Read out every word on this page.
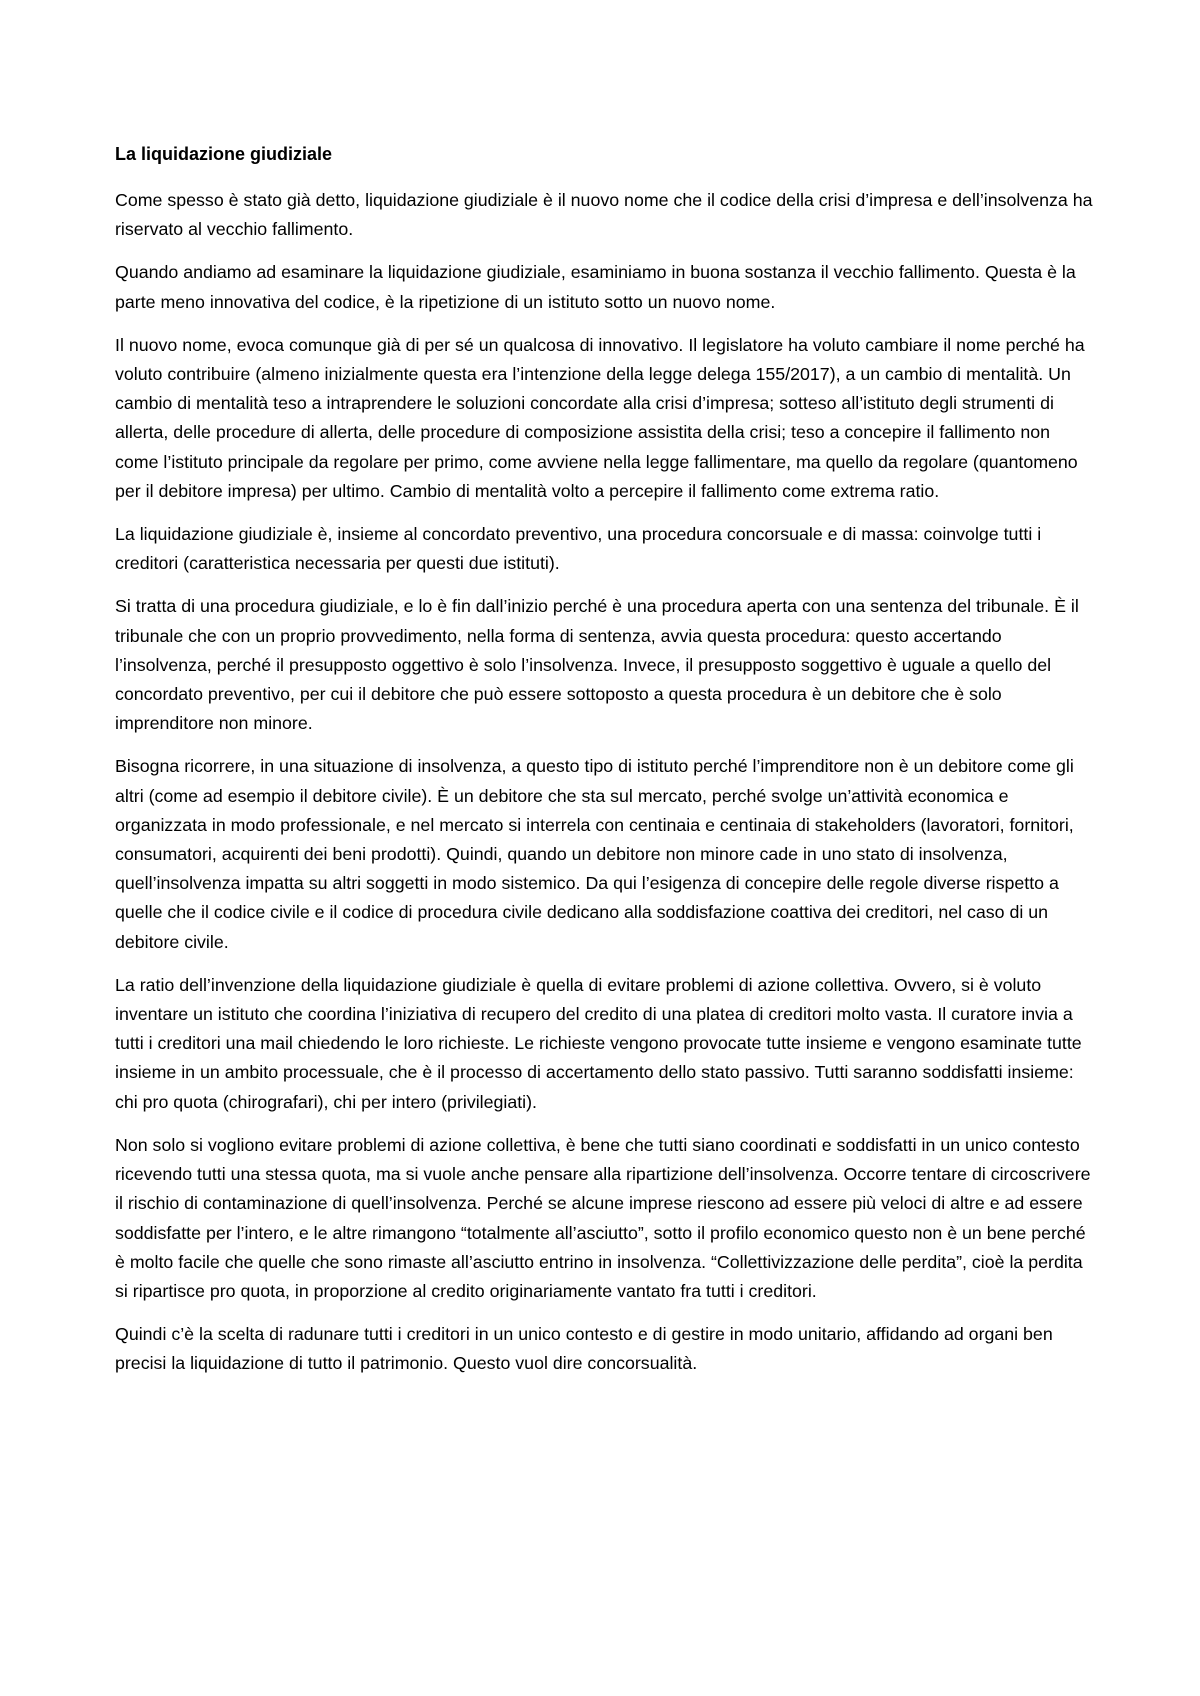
La liquidazione giudiziale

Come spesso è stato già detto, liquidazione giudiziale è il nuovo nome che il codice della crisi d’impresa e dell’insolvenza ha riservato al vecchio fallimento.

Quando andiamo ad esaminare la liquidazione giudiziale, esaminiamo in buona sostanza il vecchio fallimento. Questa è la parte meno innovativa del codice, è la ripetizione di un istituto sotto un nuovo nome.

Il nuovo nome, evoca comunque già di per sé un qualcosa di innovativo. Il legislatore ha voluto cambiare il nome perché ha voluto contribuire (almeno inizialmente questa era l’intenzione della legge delega 155/2017), a un cambio di mentalità. Un cambio di mentalità teso a intraprendere le soluzioni concordate alla crisi d’impresa; sotteso all’istituto degli strumenti di allerta, delle procedure di allerta, delle procedure di composizione assistita della crisi; teso a concepire il fallimento non come l’istituto principale da regolare per primo, come avviene nella legge fallimentare, ma quello da regolare (quantomeno per il debitore impresa) per ultimo. Cambio di mentalità volto a percepire il fallimento come extrema ratio.

La liquidazione giudiziale è, insieme al concordato preventivo, una procedura concorsuale e di massa: coinvolge tutti i creditori (caratteristica necessaria per questi due istituti).

Si tratta di una procedura giudiziale, e lo è fin dall’inizio perché è una procedura aperta con una sentenza del tribunale. È il tribunale che con un proprio provvedimento, nella forma di sentenza, avvia questa procedura: questo accertando l’insolvenza, perché il presupposto oggettivo è solo l’insolvenza. Invece, il presupposto soggettivo è uguale a quello del concordato preventivo, per cui il debitore che può essere sottoposto a questa procedura è un debitore che è solo imprenditore non minore.

Bisogna ricorrere, in una situazione di insolvenza, a questo tipo di istituto perché l’imprenditore non è un debitore come gli altri (come ad esempio il debitore civile). È un debitore che sta sul mercato, perché svolge un’attività economica e organizzata in modo professionale, e nel mercato si interrela con centinaia e centinaia di stakeholders (lavoratori, fornitori, consumatori, acquirenti dei beni prodotti). Quindi, quando un debitore non minore cade in uno stato di insolvenza, quell’insolvenza impatta su altri soggetti in modo sistemico. Da qui l’esigenza di concepire delle regole diverse rispetto a quelle che il codice civile e il codice di procedura civile dedicano alla soddisfazione coattiva dei creditori, nel caso di un debitore civile.

La ratio dell’invenzione della liquidazione giudiziale è quella di evitare problemi di azione collettiva. Ovvero, si è voluto inventare un istituto che coordina l’iniziativa di recupero del credito di una platea di creditori molto vasta. Il curatore invia a tutti i creditori una mail chiedendo le loro richieste. Le richieste vengono provocate tutte insieme e vengono esaminate tutte insieme in un ambito processuale, che è il processo di accertamento dello stato passivo. Tutti saranno soddisfatti insieme: chi pro quota (chirografari), chi per intero (privilegiati).

Non solo si vogliono evitare problemi di azione collettiva, è bene che tutti siano coordinati e soddisfatti in un unico contesto ricevendo tutti una stessa quota, ma si vuole anche pensare alla ripartizione dell’insolvenza. Occorre tentare di circoscrivere il rischio di contaminazione di quell’insolvenza. Perché se alcune imprese riescono ad essere più veloci di altre e ad essere soddisfatte per l’intero, e le altre rimangono “totalmente all’asciutto”, sotto il profilo economico questo non è un bene perché è molto facile che quelle che sono rimaste all’asciutto entrino in insolvenza. “Collettivizzazione delle perdita”, cioè la perdita si ripartisce pro quota, in proporzione al credito originariamente vantato fra tutti i creditori.

Quindi c’è la scelta di radunare tutti i creditori in un unico contesto e di gestire in modo unitario, affidando ad organi ben precisi la liquidazione di tutto il patrimonio. Questo vuol dire concorsualità.
